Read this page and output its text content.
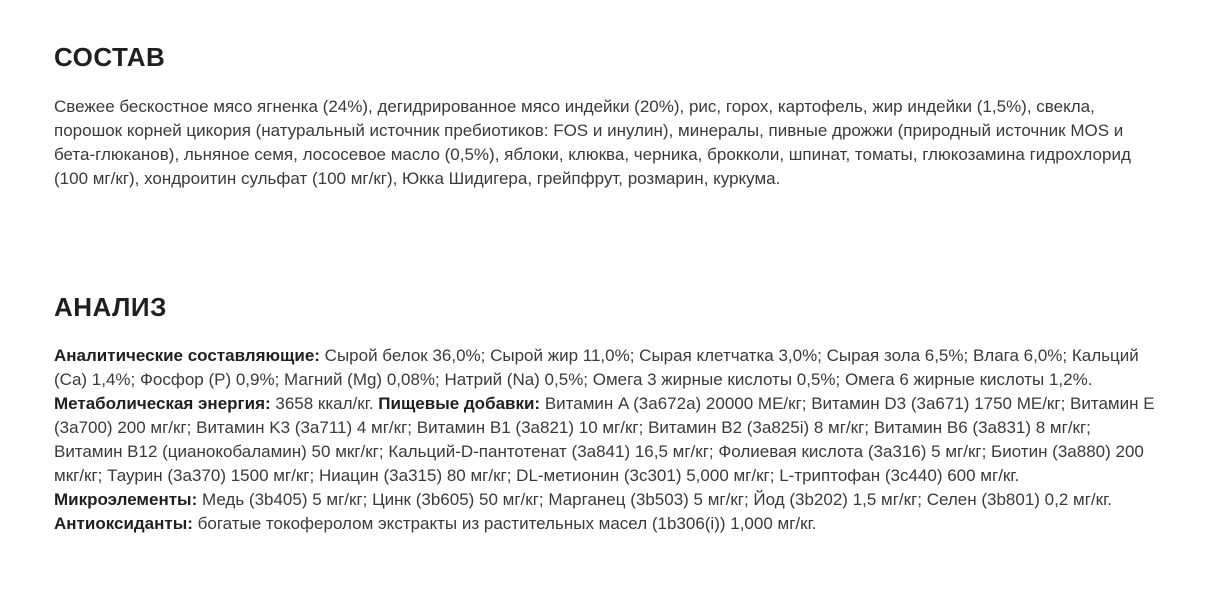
СОСТАВ

Свежее бескостное мясо ягненка (24%), дегидрированное мясо индейки (20%), рис, горох, картофель, жир индейки (1,5%), свекла, порошок корней цикория (натуральный источник пребиотиков: FOS и инулин), минералы, пивные дрожжи (природный источник MOS и бета-глюканов), льняное семя, лососевое масло (0,5%), яблоки, клюква, черника, брокколи, шпинат, томаты, глюкозамина гидрохлорид (100 мг/кг), хондроитин сульфат (100 мг/кг), Юкка Шидигера, грейпфрут, розмарин, куркума.

АНАЛИЗ

Аналитические составляющие: Сырой белок 36,0%; Сырой жир 11,0%; Сырая клетчатка 3,0%; Сырая зола 6,5%; Влага 6,0%; Кальций (Ca) 1,4%; Фосфор (P) 0,9%; Магний (Mg) 0,08%; Натрий (Na) 0,5%; Омега 3 жирные кислоты 0,5%; Омега 6 жирные кислоты 1,2%. Метаболическая энергия: 3658 ккал/кг. Пищевые добавки: Витамин A (3a672a) 20000 МЕ/кг; Витамин D3 (3a671) 1750 МЕ/кг; Витамин E (3a700) 200 мг/кг; Витамин K3 (3a711) 4 мг/кг; Витамин B1 (3a821) 10 мг/кг; Витамин B2 (3a825i) 8 мг/кг; Витамин B6 (3a831) 8 мг/кг; Витамин B12 (цианокобаламин) 50 мкг/кг; Кальций-D-пантотенат (3a841) 16,5 мг/кг; Фолиевая кислота (3a316) 5 мг/кг; Биотин (3a880) 200 мкг/кг; Таурин (3a370) 1500 мг/кг; Ниацин (3a315) 80 мг/кг; DL-метионин (3c301) 5,000 мг/кг; L-триптофан (3c440) 600 мг/кг. Микроэлементы: Медь (3b405) 5 мг/кг; Цинк (3b605) 50 мг/кг; Марганец (3b503) 5 мг/кг; Йод (3b202) 1,5 мг/кг; Селен (3b801) 0,2 мг/кг. Антиоксиданты: богатые токоферолом экстракты из растительных масел (1b306(i)) 1,000 мг/кг.
